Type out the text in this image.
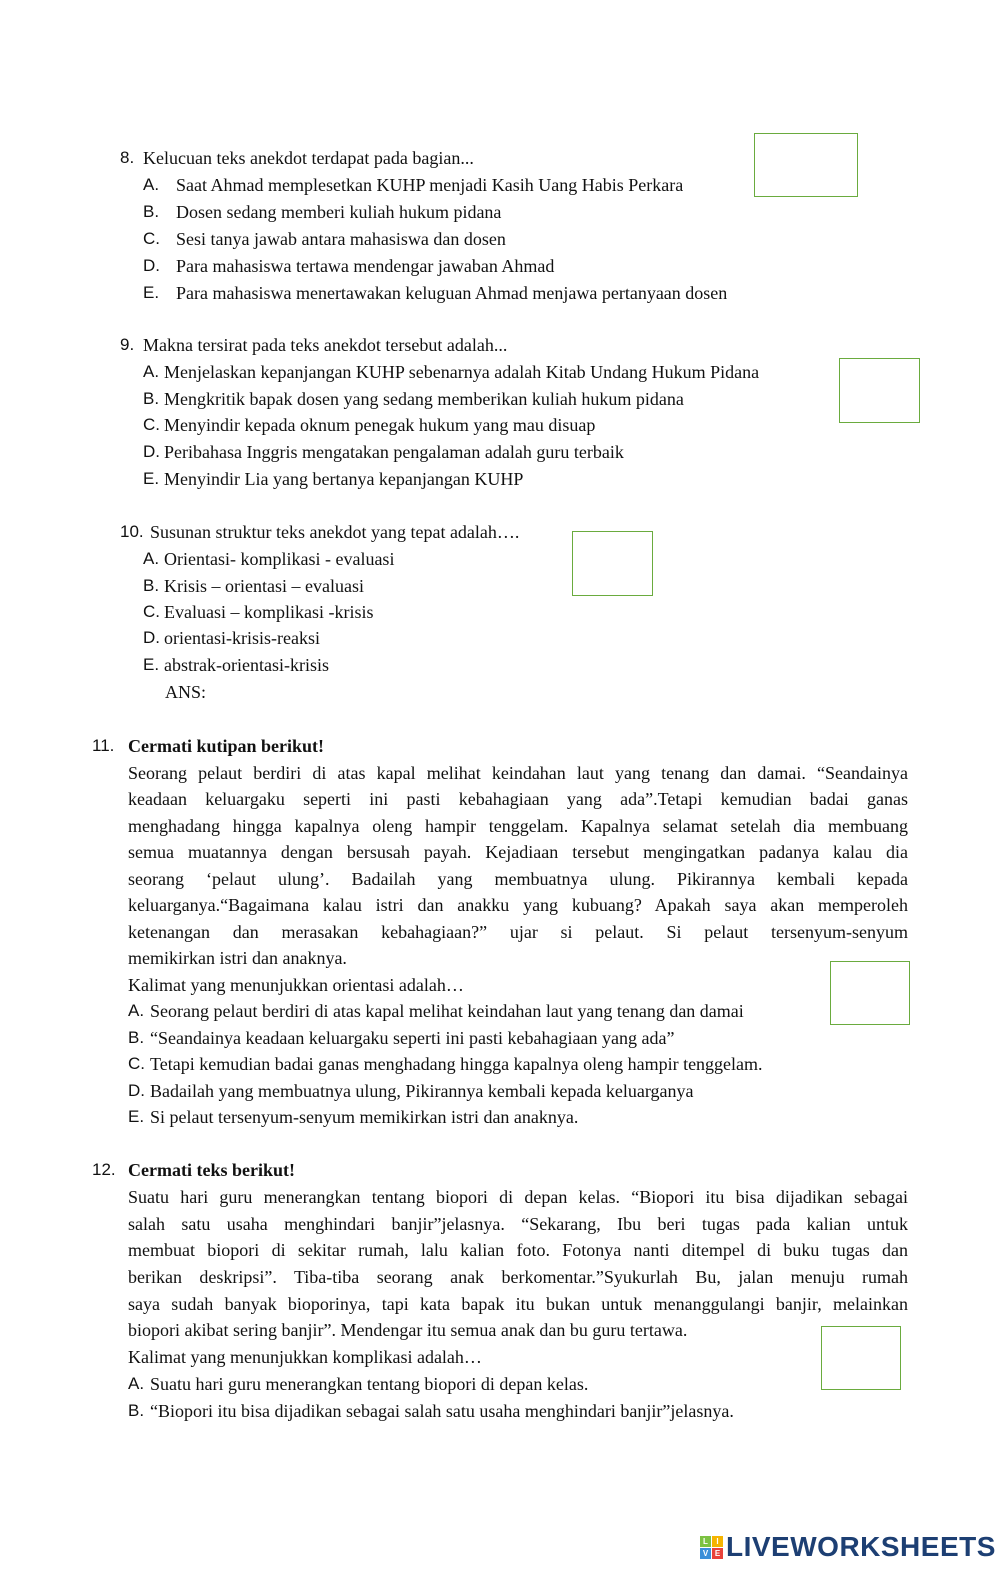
8. Kelucuan teks anekdot terdapat pada bagian...
A. Saat Ahmad memplesetkan KUHP menjadi Kasih Uang Habis Perkara
B. Dosen sedang memberi kuliah hukum pidana
C. Sesi tanya jawab antara mahasiswa dan dosen
D. Para mahasiswa tertawa mendengar jawaban Ahmad
E. Para mahasiswa menertawakan keluguan Ahmad menjawa pertanyaan dosen
9. Makna tersirat pada teks anekdot tersebut adalah...
A. Menjelaskan kepanjangan KUHP sebenarnya adalah Kitab Undang Hukum Pidana
B. Mengkritik bapak dosen yang sedang memberikan kuliah hukum pidana
C. Menyindir kepada oknum penegak hukum yang mau disuap
D. Peribahasa Inggris mengatakan pengalaman adalah guru terbaik
E. Menyindir Lia yang bertanya kepanjangan KUHP
10. Susunan struktur teks anekdot yang tepat adalah….
A. Orientasi- komplikasi - evaluasi
B. Krisis – orientasi – evaluasi
C. Evaluasi – komplikasi -krisis
D. orientasi-krisis-reaksi
E. abstrak-orientasi-krisis
ANS:
11. Cermati kutipan berikut!
Seorang pelaut berdiri di atas kapal melihat keindahan laut yang tenang dan damai. “Seandainya
keadaan keluargaku seperti ini pasti kebahagiaan yang ada”.Tetapi kemudian badai ganas
menghadang hingga kapalnya oleng hampir tenggelam. Kapalnya selamat setelah dia membuang
semua muatannya dengan bersusah payah. Kejadiaan tersebut mengingatkan padanya kalau dia
seorang ‘pelaut ulung’. Badailah yang membuatnya ulung. Pikirannya kembali kepada
keluarganya.“Bagaimana kalau istri dan anakku yang kubuang? Apakah saya akan memperoleh
ketenangan dan merasakan kebahagiaan?” ujar si pelaut. Si pelaut tersenyum-senyum
memikirkan istri dan anaknya.
Kalimat yang menunjukkan orientasi adalah…
A. Seorang pelaut berdiri di atas kapal melihat keindahan laut yang tenang dan damai
B. “Seandainya keadaan keluargaku seperti ini pasti kebahagiaan yang ada”
C. Tetapi kemudian badai ganas menghadang hingga kapalnya oleng hampir tenggelam.
D. Badailah yang membuatnya ulung, Pikirannya kembali kepada keluarganya
E. Si pelaut tersenyum-senyum memikirkan istri dan anaknya.
12. Cermati teks berikut!
Suatu hari guru menerangkan tentang biopori di depan kelas. “Biopori itu bisa dijadikan sebagai
salah satu usaha menghindari banjir”jelasnya. “Sekarang, Ibu beri tugas pada kalian untuk
membuat biopori di sekitar rumah, lalu kalian foto. Fotonya nanti ditempel di buku tugas dan
berikan deskripsi”. Tiba-tiba seorang anak berkomentar.”Syukurlah Bu, jalan menuju rumah
saya sudah banyak bioporinya, tapi kata bapak itu bukan untuk menanggulangi banjir, melainkan
biopori akibat sering banjir”. Mendengar itu semua anak dan bu guru tertawa.
Kalimat yang menunjukkan komplikasi adalah…
A. Suatu hari guru menerangkan tentang biopori di depan kelas.
B. “Biopori itu bisa dijadikan sebagai salah satu usaha menghindari banjir”jelasnya.
L	I
V E LIVEWORKSHEETS
